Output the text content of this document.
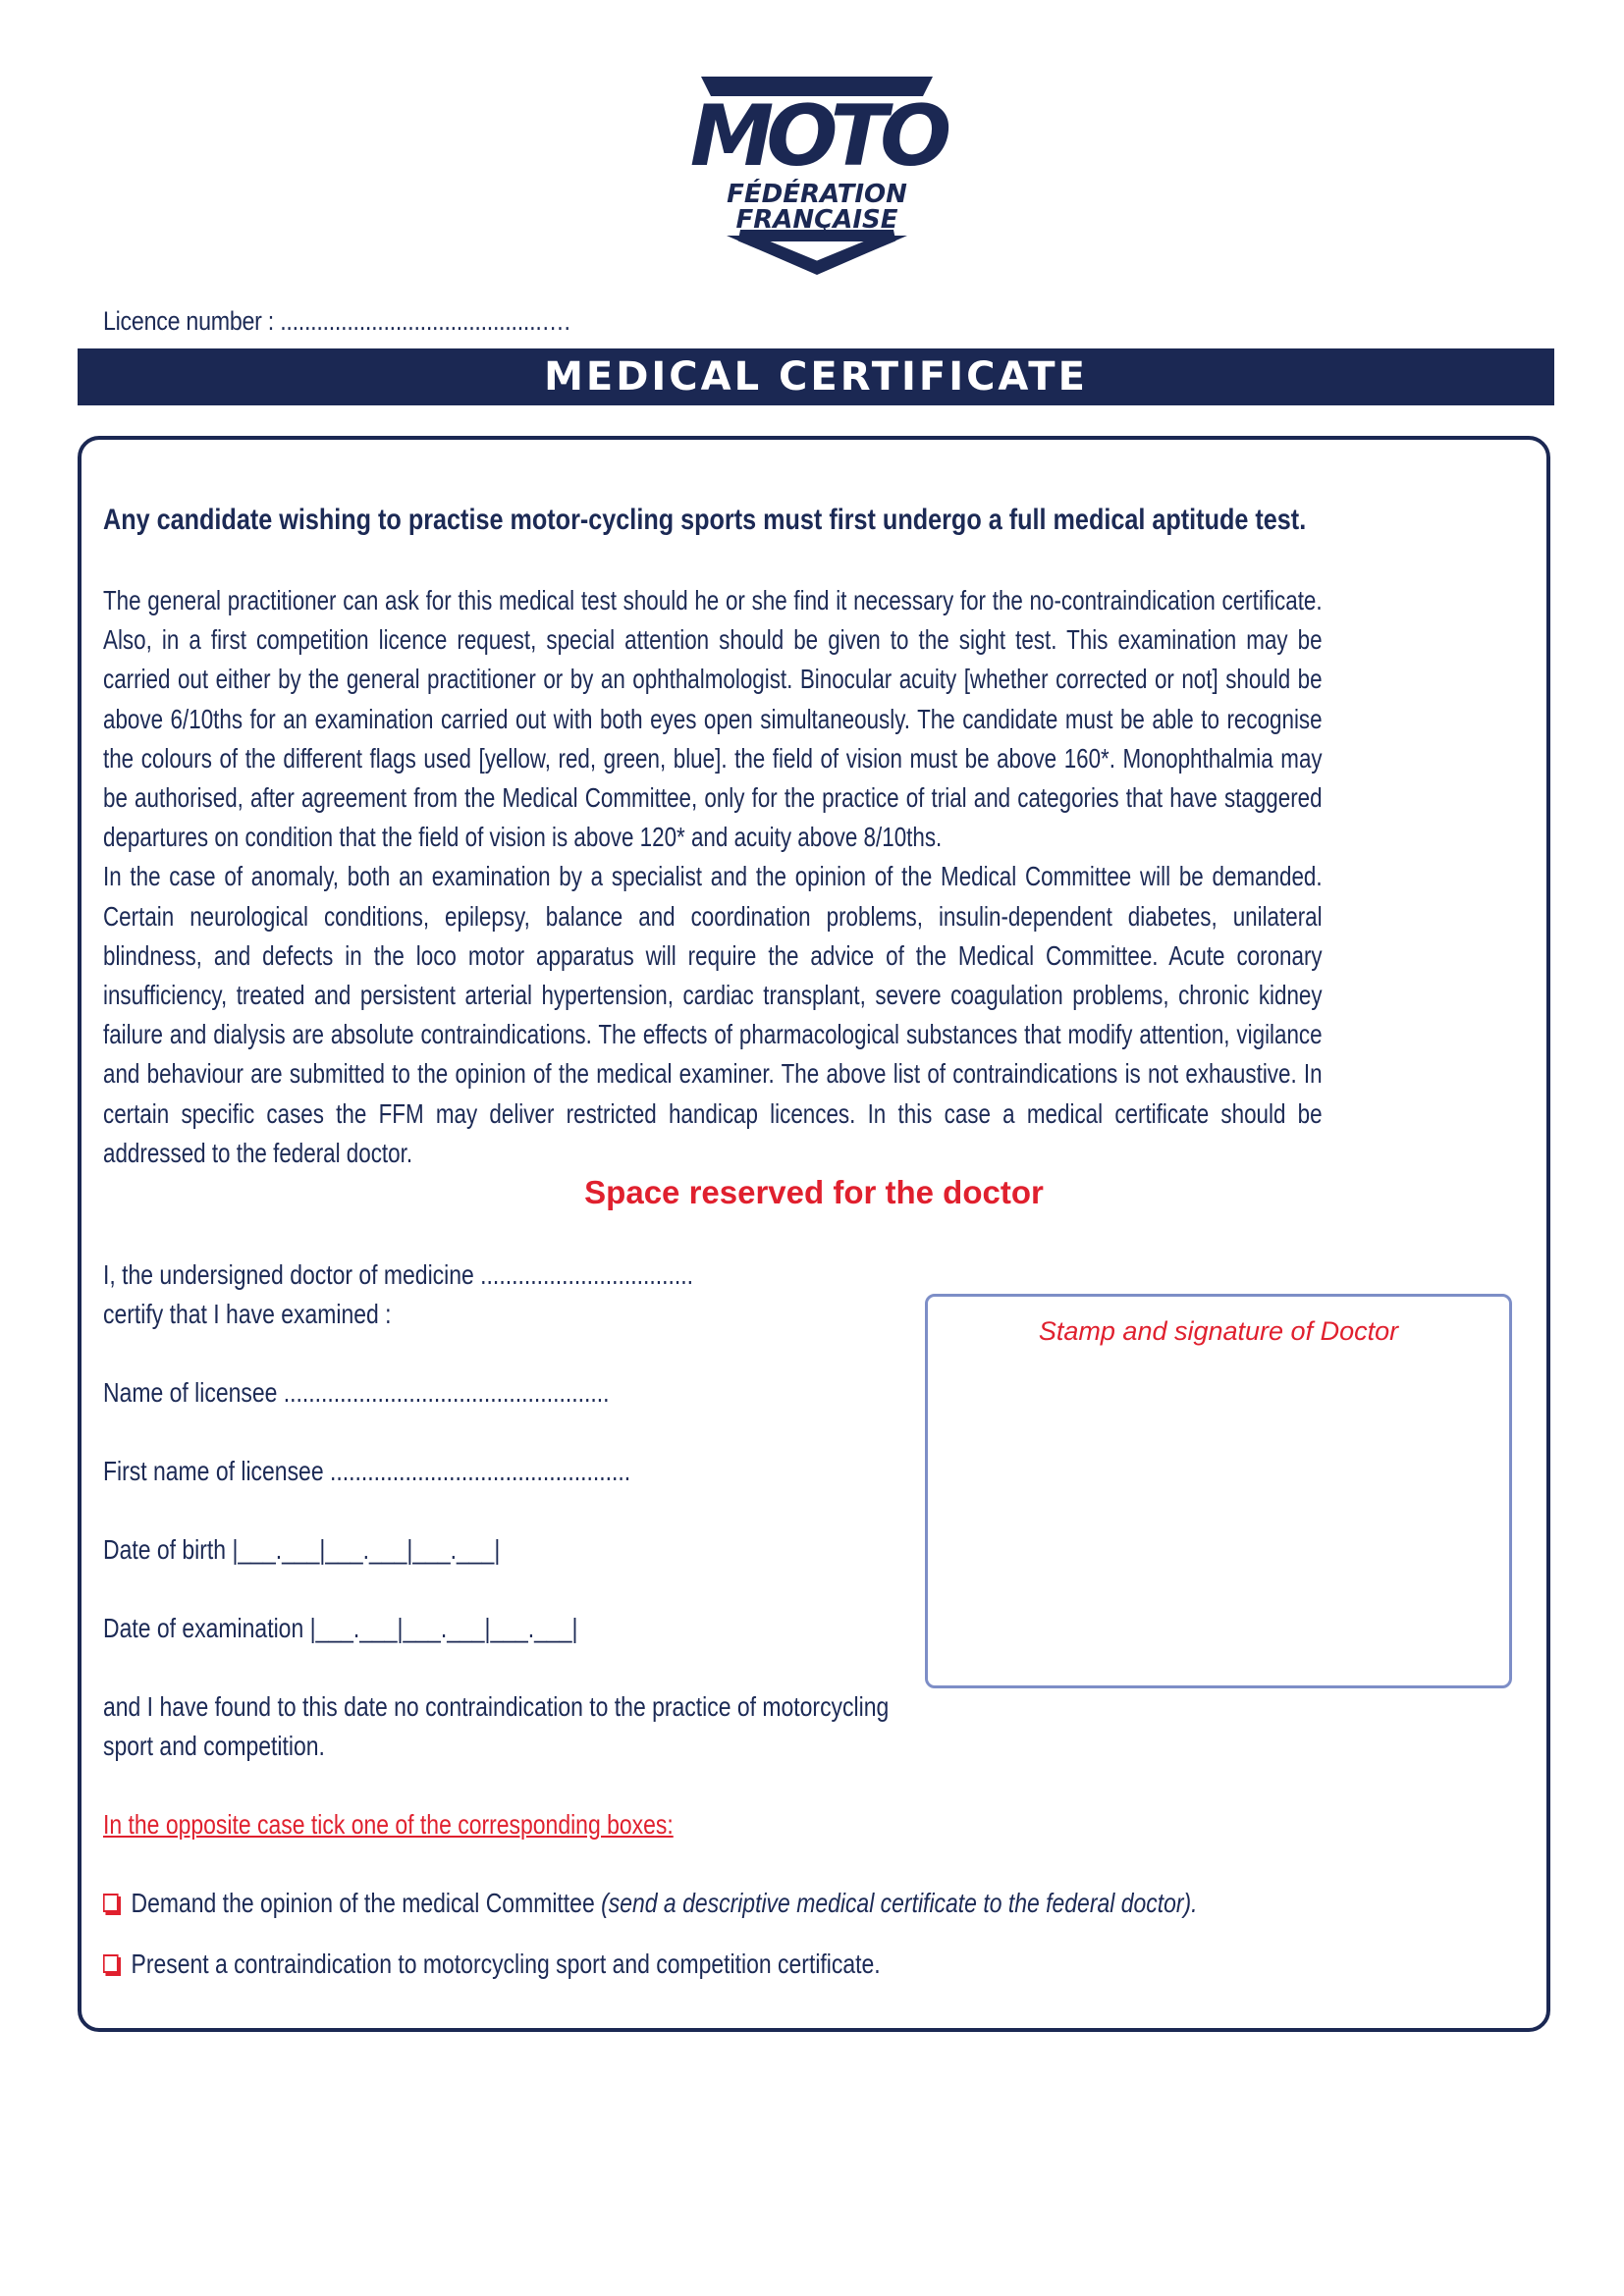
MOTO
FÉDÉRATION
FRANÇAISE
Licence number : ...........................................….
MEDICAL CERTIFICATE
Any candidate wishing to practise motor-cycling sports must first undergo a full medical aptitude test.

The general practitioner can ask for this medical test should he or she find it necessary for the no-contraindication certificate. Also, in a first competition licence request, special attention should be given to the sight test. This examination may be carried out either by the general practitioner or by an ophthalmologist. Binocular acuity [whether corrected or not] should be above 6/10ths for an examination carried out with both eyes open simultaneously. The candidate must be able to recognise the colours of the different flags used [yellow, red, green, blue]. the field of vision must be above 160*. Monophthalmia may be authorised, after agreement from the Medical Committee, only for the practice of trial and categories that have staggered departures on condition that the field of vision is above 120* and acuity above 8/10ths.

In the case of anomaly, both an examination by a specialist and the opinion of the Medical Committee will be demanded. Certain neurological conditions, epilepsy, balance and coordination problems, insulin-dependent diabetes, unilateral blindness, and defects in the loco motor apparatus will require the advice of the Medical Committee. Acute coronary insufficiency, treated and persistent arterial hypertension, cardiac transplant, severe coagulation problems, chronic kidney failure and dialysis are absolute contraindications. The effects of pharmacological substances that modify attention, vigilance and behaviour are submitted to the opinion of the medical examiner. The above list of contraindications is not exhaustive. In certain specific cases the FFM may deliver restricted handicap licences. In this case a medical certificate should be addressed to the federal doctor.

Space reserved for the doctor
I, the undersigned doctor of medicine ..................................
certify that I have examined :
Name of licensee ....................................................
First name of licensee ................................................
Date of birth |___.___|___.___|___.___|
Date of examination |___.___|___.___|___.___|
and I have found to this date no contraindication to the practice of motorcycling
sport and competition.
In the opposite case tick one of the corresponding boxes:
Demand the opinion of the medical Committee (send a descriptive medical certificate to the federal doctor).
Present a contraindication to motorcycling sport and competition certificate.
Stamp and signature of Doctor
